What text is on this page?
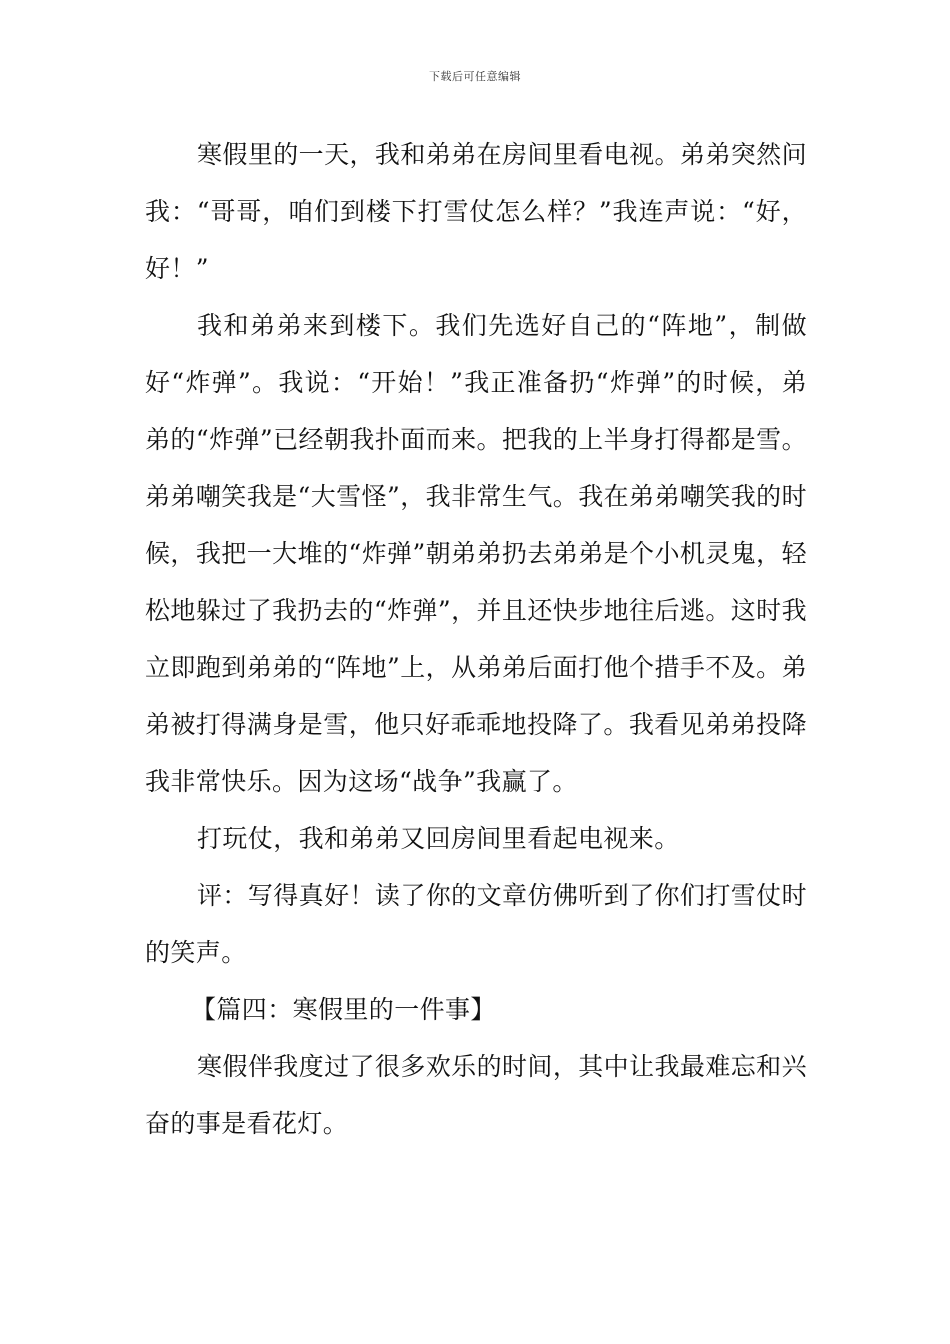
下载后可任意编辑

寒假里的一天，我和弟弟在房间里看电视。弟弟突然问我：“哥哥，咱们到楼下打雪仗怎么样？”我连声说：“好，好！”

我和弟弟来到楼下。我们先选好自己的“阵地”，制做好“炸弹”。我说：“开始！”我正准备扔“炸弹”的时候，弟弟的“炸弹”已经朝我扑面而来。把我的上半身打得都是雪。弟弟嘲笑我是“大雪怪”，我非常生气。我在弟弟嘲笑我的时候，我把一大堆的“炸弹”朝弟弟扔去弟弟是个小机灵鬼，轻松地躲过了我扔去的“炸弹”，并且还快步地往后逃。这时我立即跑到弟弟的“阵地”上，从弟弟后面打他个措手不及。弟弟被打得满身是雪，他只好乖乖地投降了。我看见弟弟投降我非常快乐。因为这场“战争”我赢了。

打玩仗，我和弟弟又回房间里看起电视来。

评：写得真好！读了你的文章仿佛听到了你们打雪仗时的笑声。

【篇四：寒假里的一件事】

寒假伴我度过了很多欢乐的时间，其中让我最难忘和兴奋的事是看花灯。
